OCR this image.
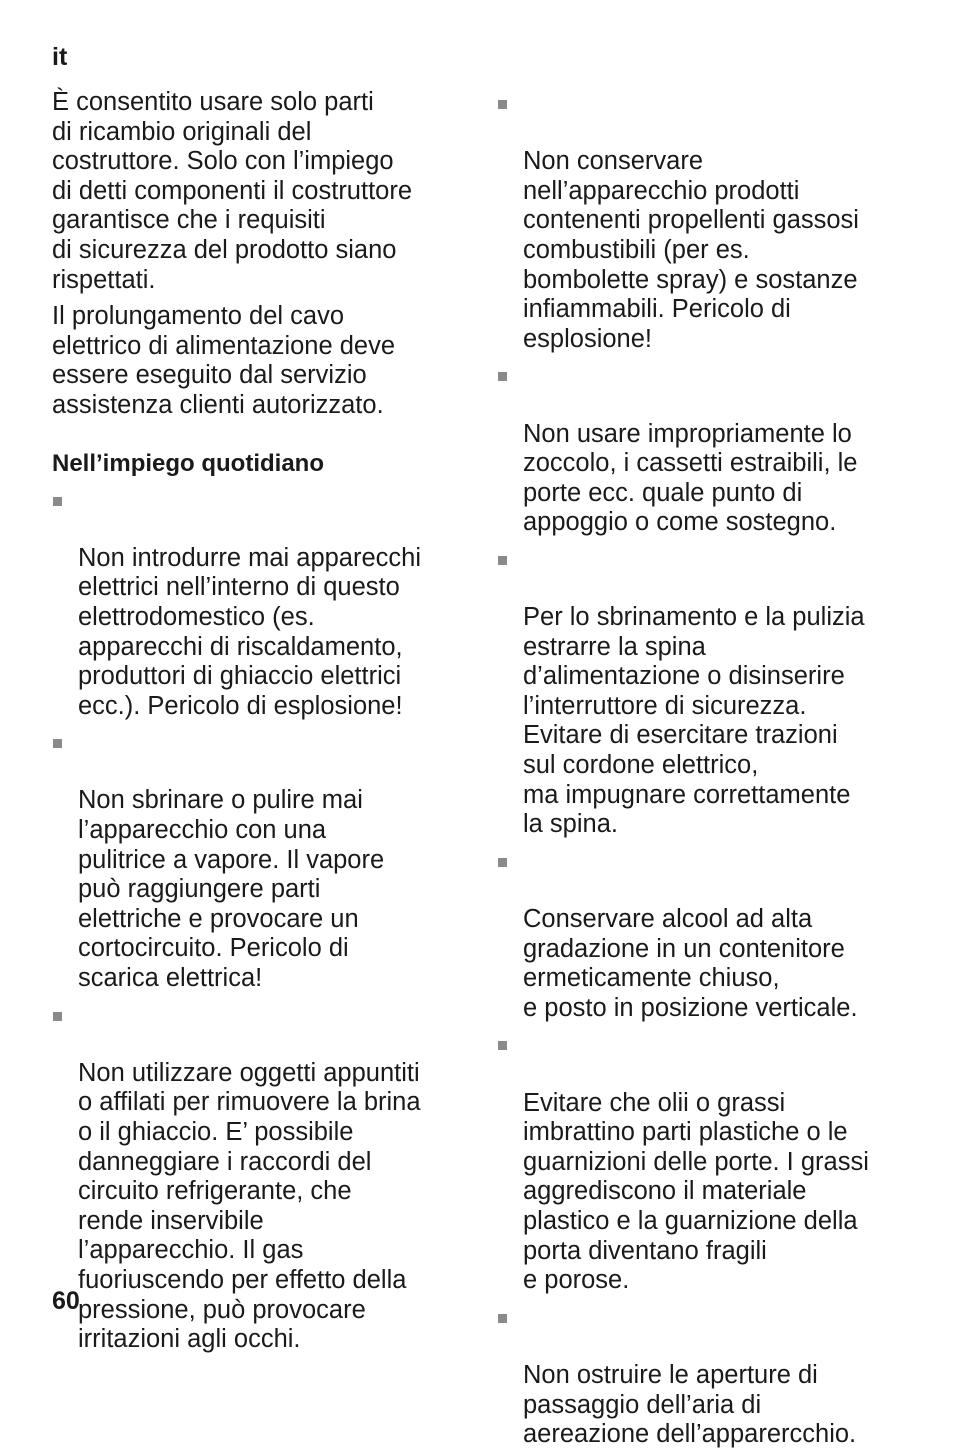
it

È consentito usare solo parti
di ricambio originali del
costruttore. Solo con l’impiego
di detti componenti il costruttore
garantisce che i requisiti
di sicurezza del prodotto siano
rispettati.

Il prolungamento del cavo
elettrico di alimentazione deve
essere eseguito dal servizio
assistenza clienti autorizzato.

Nell’impiego quotidiano

Non introdurre mai apparecchi
elettrici nell’interno di questo
elettrodomestico (es.
apparecchi di riscaldamento,
produttori di ghiaccio elettrici
ecc.). Pericolo di esplosione!

Non sbrinare o pulire mai
l’apparecchio con una
pulitrice a vapore. Il vapore
può raggiungere parti
elettriche e provocare un
cortocircuito. Pericolo di
scarica elettrica!

Non utilizzare oggetti appuntiti
o affilati per rimuovere la brina
o il ghiaccio. E’ possibile
danneggiare i raccordi del
circuito refrigerante, che
rende inservibile
l’apparecchio. Il gas
fuoriuscendo per effetto della
pressione, può provocare
irritazioni agli occhi.

Non conservare
nell’apparecchio prodotti
contenenti propellenti gassosi
combustibili (per es.
bombolette spray) e sostanze
infiammabili. Pericolo di
esplosione!

Non usare impropriamente lo
zoccolo, i cassetti estraibili, le
porte ecc. quale punto di
appoggio o come sostegno.

Per lo sbrinamento e la pulizia
estrarre la spina
d’alimentazione o disinserire
l’interruttore di sicurezza.
Evitare di esercitare trazioni
sul cordone elettrico,
ma impugnare correttamente
la spina.

Conservare alcool ad alta
gradazione in un contenitore
ermeticamente chiuso,
e posto in posizione verticale.

Evitare che olii o grassi
imbrattino parti plastiche o le
guarnizioni delle porte. I grassi
aggrediscono il materiale
plastico e la guarnizione della
porta diventano fragili
e porose.

Non ostruire le aperture di
passaggio dell’aria di
aereazione dell’apparercchio.

60
